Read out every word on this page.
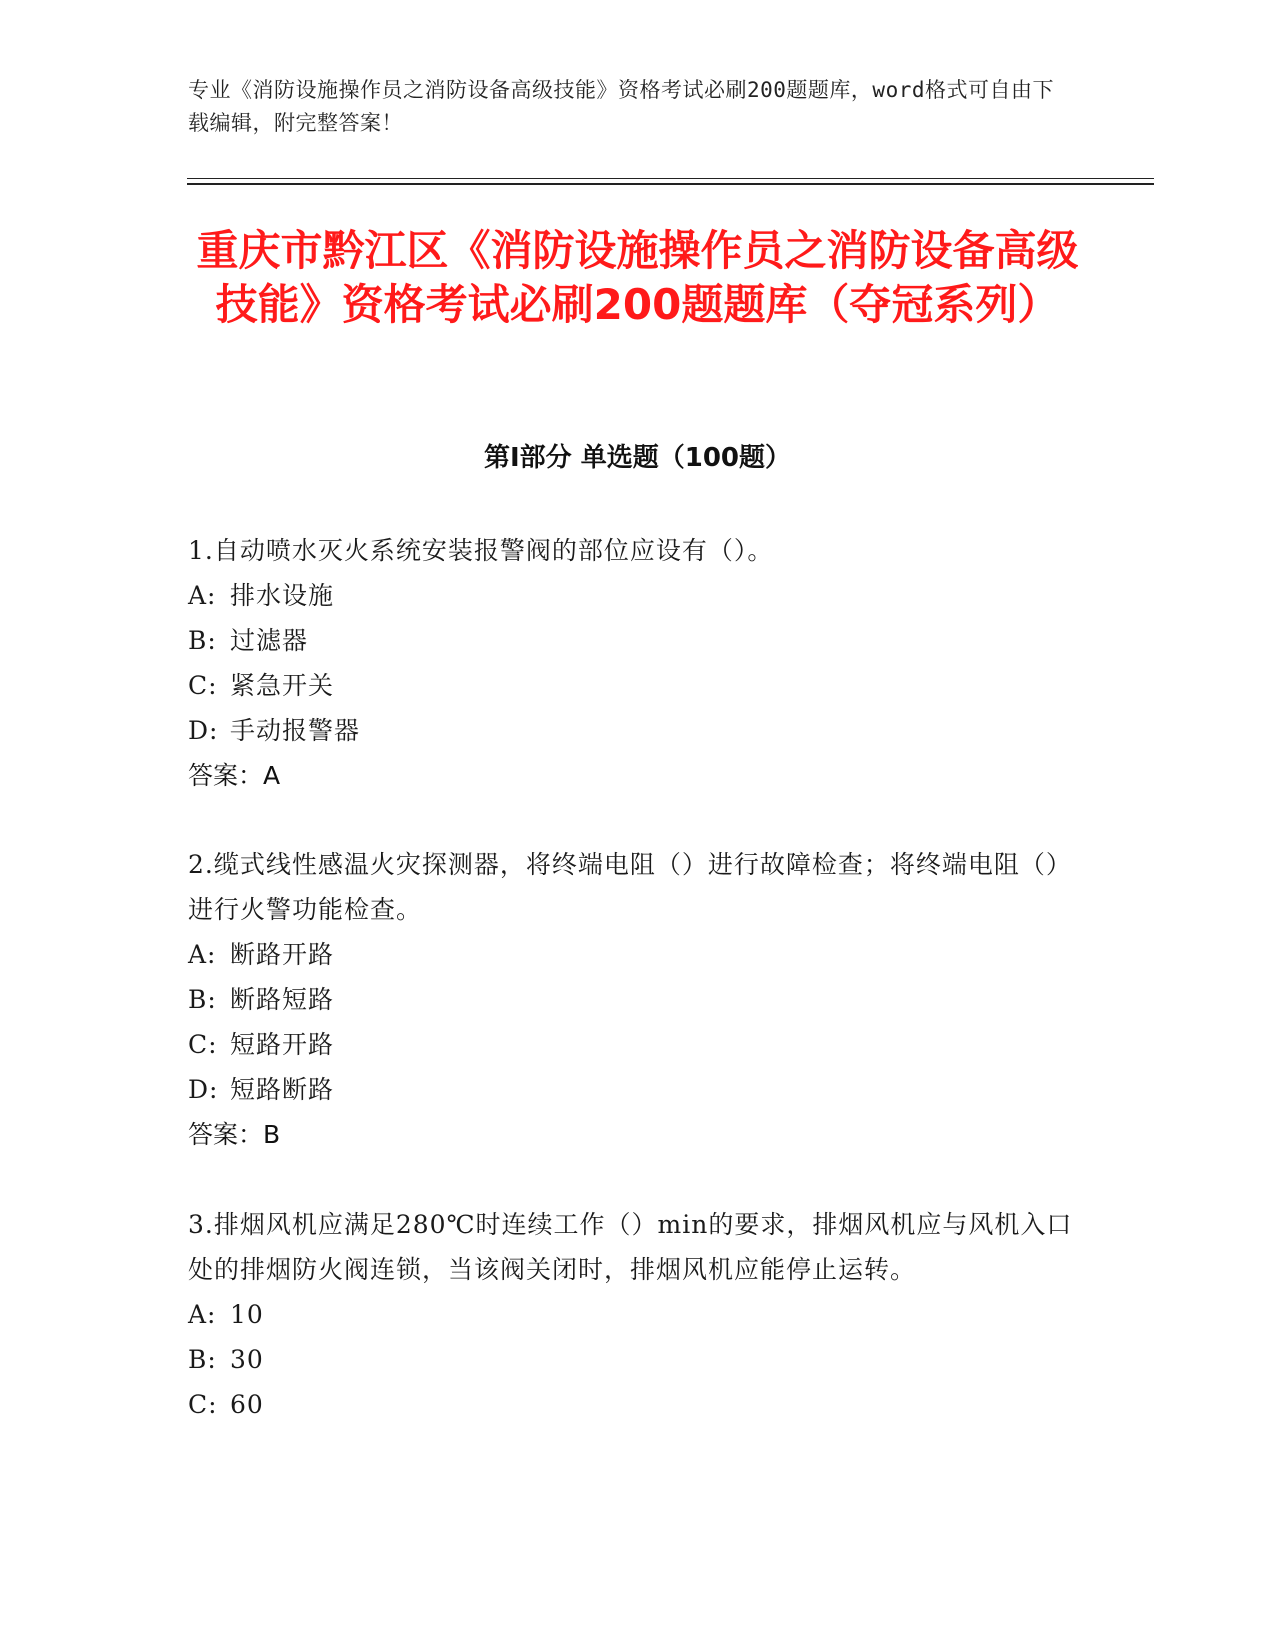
专业《消防设施操作员之消防设备高级技能》资格考试必刷200题题库，word格式可自由下载编辑，附完整答案！
重庆市黔江区《消防设施操作员之消防设备高级技能》资格考试必刷200题题库（夺冠系列）
第Ⅰ部分 单选题（100题）

1.自动喷水灭火系统安装报警阀的部位应设有（）。

A: 排水设施

B: 过滤器

C: 紧急开关

D: 手动报警器

答案：A

2.缆式线性感温火灾探测器，将终端电阻（）进行故障检查；将终端电阻（）进行火警功能检查。

A: 断路开路

B: 断路短路

C: 短路开路

D: 短路断路

答案：B

3.排烟风机应满足280℃时连续工作（）min的要求，排烟风机应与风机入口处的排烟防火阀连锁，当该阀关闭时，排烟风机应能停止运转。

A: 10

B: 30

C: 60
